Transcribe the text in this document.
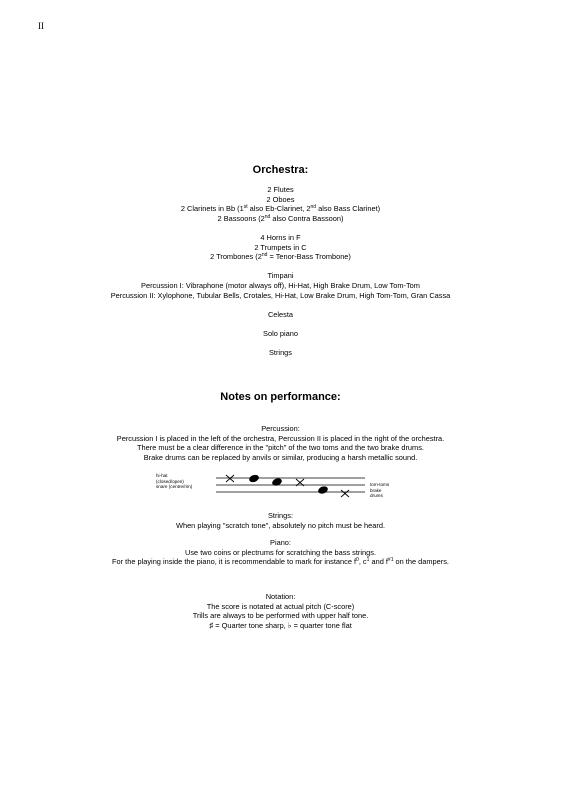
II
Orchestra:
2 Flutes
2 Oboes
2 Clarinets in Bb (1st also Eb-Clarinet, 2nd also Bass Clarinet)
2 Bassoons (2nd also Contra Bassoon)
4 Horns in F
2 Trumpets in C
2 Trombones (2nd = Tenor-Bass Trombone)
Timpani
Percussion I: Vibraphone (motor always off), Hi-Hat, High Brake Drum, Low Tom-Tom
Percussion II: Xylophone, Tubular Bells, Crotales, Hi-Hat, Low Brake Drum, High Tom-Tom, Gran Cassa
Celesta
Solo piano
Strings
Notes on performance:
Percussion:
Percussion I is placed in the left of the orchestra, Percussion II is placed in the right of the orchestra.
There must be a clear difference in the "pitch" of the two toms and the two brake drums.
Brake drums can be replaced by anvils or similar, producing a harsh metallic sound.
hi-hat
(closed/open)
snare (centre/rim)	tom-toms
brake
drums
Strings:
When playing "scratch tone", absolutely no pitch must be heard.
Piano:
Use two coins or plectrums for scratching the bass strings.
For the playing inside the piano, it is recommendable to mark for instance $f^0$, $c^1$ and $f^{\#1}$ on the dampers.
Notation:
The score is notated at actual pitch (C-score)
Trills are always to be performed with upper half tone.
♯ = Quarter tone sharp, ♭ = quarter tone flat
